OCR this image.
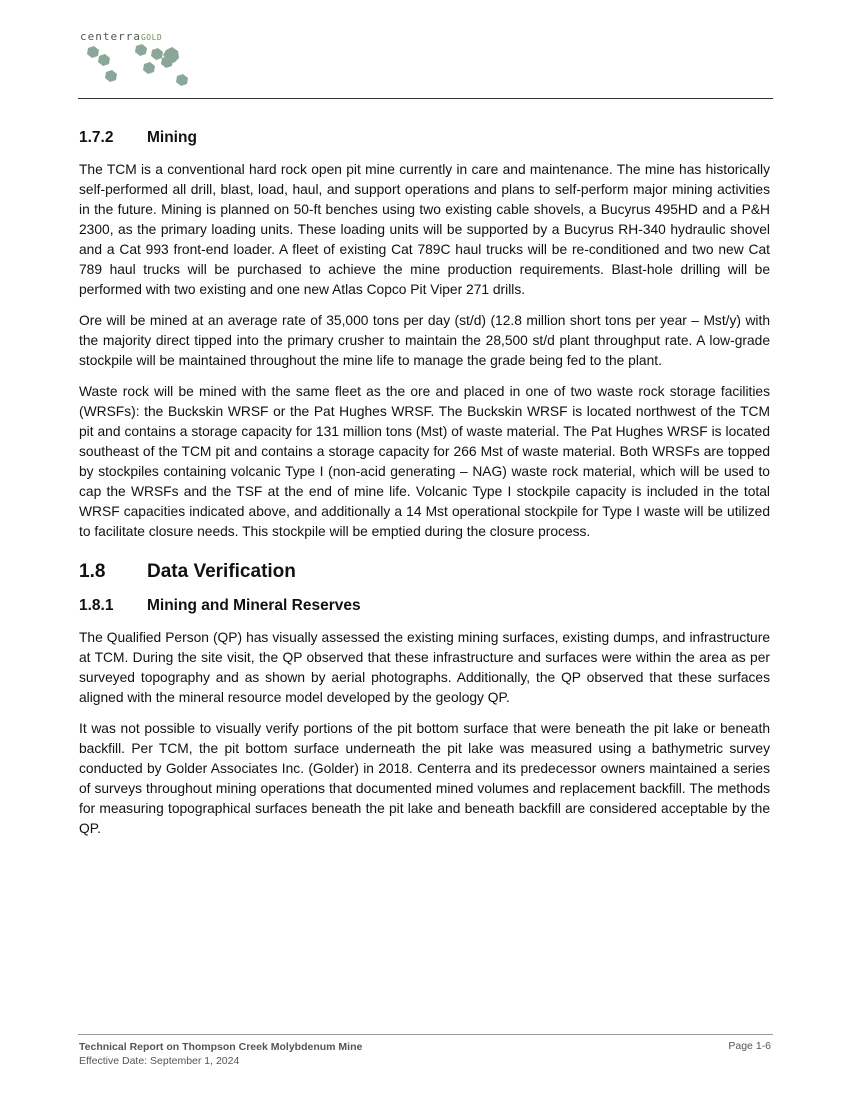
centerraGOLD
1.7.2 Mining

The TCM is a conventional hard rock open pit mine currently in care and maintenance. The mine has historically self-performed all drill, blast, load, haul, and support operations and plans to self-perform major mining activities in the future. Mining is planned on 50-ft benches using two existing cable shovels, a Bucyrus 495HD and a P&H 2300, as the primary loading units. These loading units will be supported by a Bucyrus RH-340 hydraulic shovel and a Cat 993 front-end loader. A fleet of existing Cat 789C haul trucks will be re-conditioned and two new Cat 789 haul trucks will be purchased to achieve the mine production requirements. Blast-hole drilling will be performed with two existing and one new Atlas Copco Pit Viper 271 drills.

Ore will be mined at an average rate of 35,000 tons per day (st/d) (12.8 million short tons per year – Mst/y) with the majority direct tipped into the primary crusher to maintain the 28,500 st/d plant throughput rate. A low-grade stockpile will be maintained throughout the mine life to manage the grade being fed to the plant.

Waste rock will be mined with the same fleet as the ore and placed in one of two waste rock storage facilities (WRSFs): the Buckskin WRSF or the Pat Hughes WRSF. The Buckskin WRSF is located northwest of the TCM pit and contains a storage capacity for 131 million tons (Mst) of waste material. The Pat Hughes WRSF is located southeast of the TCM pit and contains a storage capacity for 266 Mst of waste material. Both WRSFs are topped by stockpiles containing volcanic Type I (non-acid generating – NAG) waste rock material, which will be used to cap the WRSFs and the TSF at the end of mine life. Volcanic Type I stockpile capacity is included in the total WRSF capacities indicated above, and additionally a 14 Mst operational stockpile for Type I waste will be utilized to facilitate closure needs. This stockpile will be emptied during the closure process.

1.8 Data Verification
1.8.1 Mining and Mineral Reserves

The Qualified Person (QP) has visually assessed the existing mining surfaces, existing dumps, and infrastructure at TCM. During the site visit, the QP observed that these infrastructure and surfaces were within the area as per surveyed topography and as shown by aerial photographs. Additionally, the QP observed that these surfaces aligned with the mineral resource model developed by the geology QP.

It was not possible to visually verify portions of the pit bottom surface that were beneath the pit lake or beneath backfill. Per TCM, the pit bottom surface underneath the pit lake was measured using a bathymetric survey conducted by Golder Associates Inc. (Golder) in 2018. Centerra and its predecessor owners maintained a series of surveys throughout mining operations that documented mined volumes and replacement backfill. The methods for measuring topographical surfaces beneath the pit lake and beneath backfill are considered acceptable by the QP.

Technical Report on Thompson Creek Molybdenum Mine
Effective Date: September 1, 2024
Page 1-6
